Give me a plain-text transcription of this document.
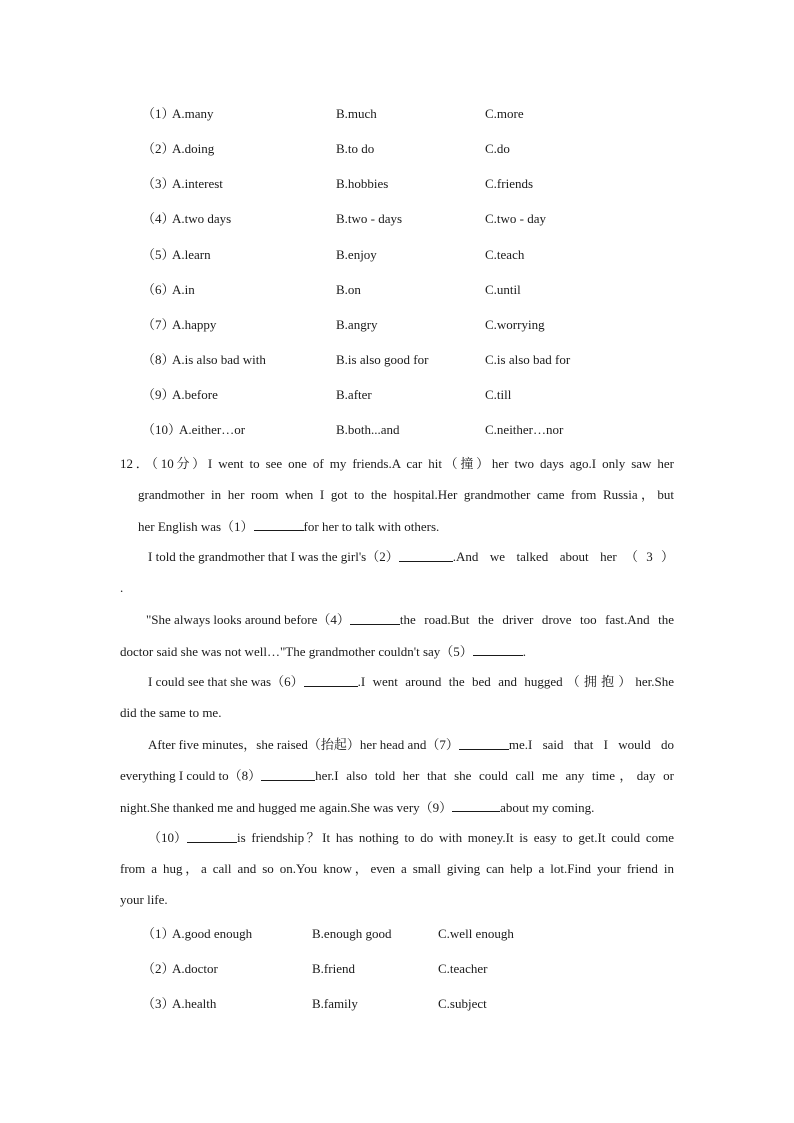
（1）
A.many	B.much	C.more
（2）
A.doing	B.to do	C.do
（3）
A.interest	B.hobbies	C.friends
（4）
A.two days	B.two - days	C.two - day
（5）
A.learn	B.enjoy	C.teach
（6）
A.in	B.on	C.until
（7）
A.happy	B.angry	C.worrying
（8）
A.is also bad with	B.is also good for	C.is also bad for
（9）
A.before	B.after	C.till
（10）
A.either…or	B.both...and	C.neither…nor
12．（10分）I went to see one of my friends.A car hit（撞）her two days ago.I only saw her
grandmother in her room when I got to the hospital.Her grandmother came from Russia，but
her English was（1）	for her to talk with others.
I told the grandmother that I was the girl's（2）	.And we talked about her（3）
.
"She always looks around before（4）	the road.But the driver drove too fast.And the
doctor said she was not well…"The grandmother couldn't say（5）	.
I could see that she was（6）	.I went around the bed and hugged（拥抱）her.She
did the same to me.
After five minutes，she raised（抬起）her head and（7）	me.I said that I would do
everything I could to（8）	her.I also told her that she could call me any time，day or
night.She thanked me and hugged me again.She was very（9）	about my coming.
（10）	is friendship？It has nothing to do with money.It is easy to get.It could come
from a hug，a call and so on.You know，even a small giving can help a lot.Find your friend in
your life.
（1）
A.good enough	B.enough good	C.well enough
（2）
A.doctor	B.friend	C.teacher
（3）
A.health	B.family	C.subject
